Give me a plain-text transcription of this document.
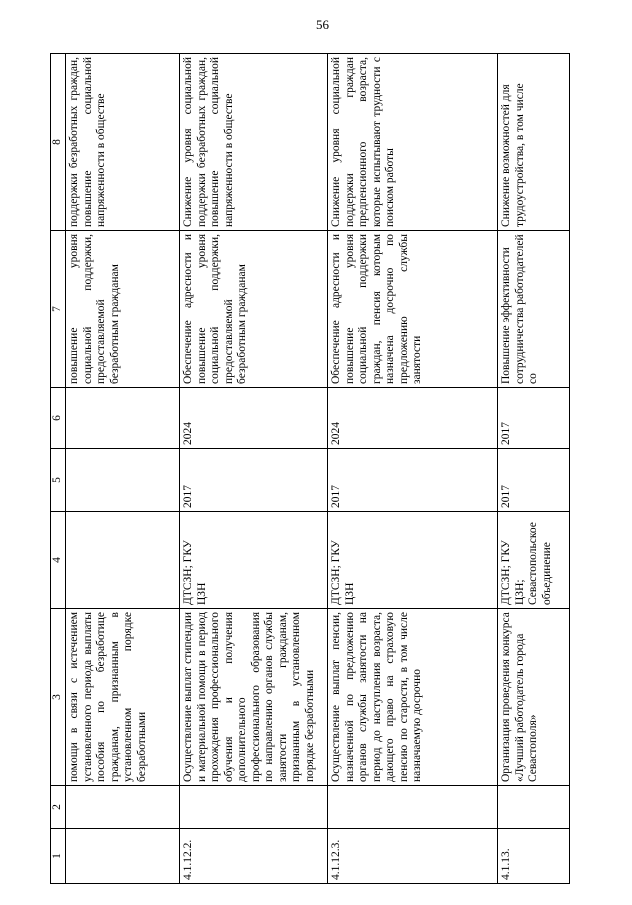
56
1	2	3	4	5	6	7	8
		помощи в связи с истечением установленного периода выплаты пособия по безработице гражданам, признанным в установленном порядке безработными				повышение уровня социальной поддержки, предоставляемой безработным гражданам	поддержки безработных граждан, повышение социальной напряженности в обществе
4.1.12.2.		Осуществление выплат стипендии и материальной помощи в период прохождения профессионального обучения и получения дополнительного профессионального образования по направлению органов службы занятости гражданам, признанным в установленном порядке безработными	ДТСЗН; ГКУ ЦЗН	2017	2024	Обеспечение адресности и повышение уровня социальной поддержки, предоставляемой безработным гражданам	Снижение уровня социальной поддержки безработных граждан, повышение социальной напряженности в обществе
4.1.12.3.		Осуществление выплат пенсии, назначенной по предложению органов службы занятости на период до наступления возраста, дающего право на страховую пенсию по старости, в том числе назначаемую досрочно	ДТСЗН; ГКУ ЦЗН	2017	2024	Обеспечение адресности и повышение уровня социальной поддержки граждан, пенсия которым назначена досрочно по предложению службы занятости	Снижение уровня социальной поддержки граждан предпенсионного возраста, которые испытывают трудности с поиском работы
4.1.13.		Организация проведения конкурса «Лучший работодатель города Севастополя»	ДТСЗН; ГКУ ЦЗН; Севастопольское объединение	2017	2017	Повышение эффективности сотрудничества работодателей со	Снижение возможностей для трудоустройства, в том числе
